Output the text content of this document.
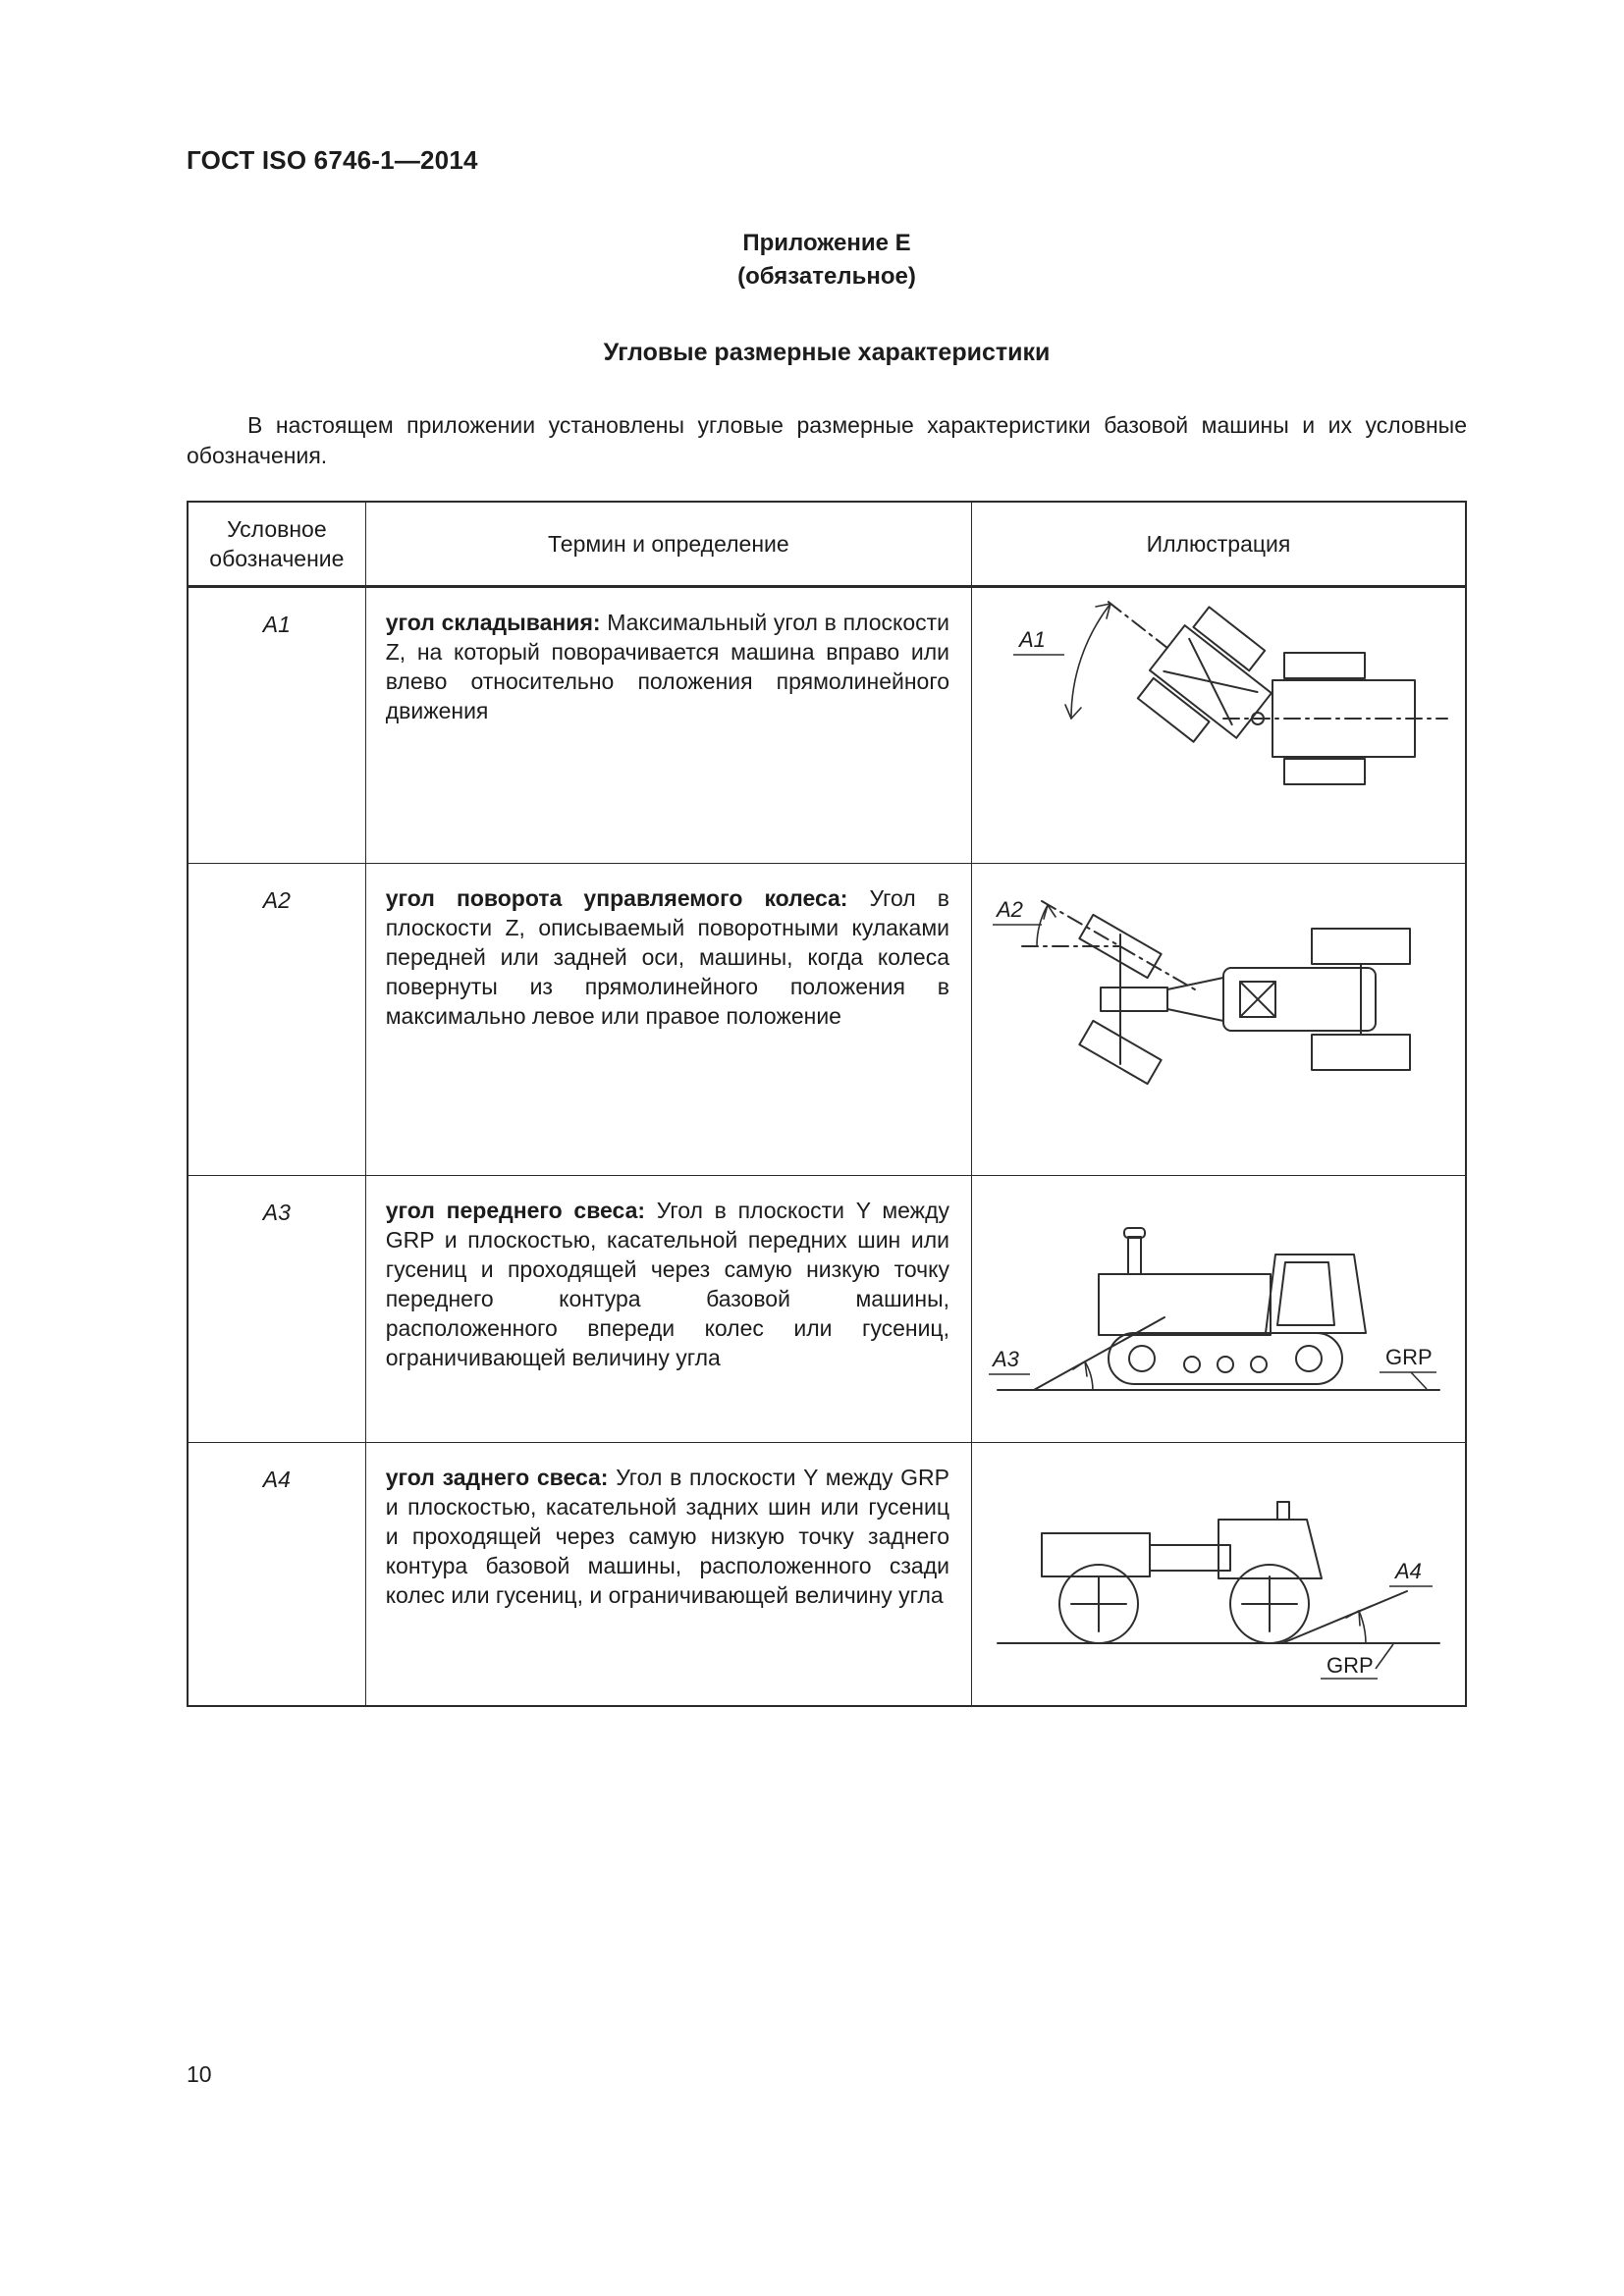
ГОСТ ISO 6746-1—2014
Приложение Е
(обязательное)
Угловые размерные характеристики

В настоящем приложении установлены угловые размерные характеристики базовой машины и их условные обозначения.

Условное обозначение	Термин и определение	Иллюстрация
A1	угол складывания: Максимальный угол в плоскости Z, на который поворачивается машина вправо или влево относительно положения прямолинейного движения	A1

A2	угол поворота управляемого колеса: Угол в плоскости Z, описываемый поворотными кулаками передней или задней оси, машины, когда колеса повернуты из прямолинейного положения в максимально левое или правое положение	A2

A3	угол переднего свеса: Угол в плоскости Y между GRP и плоскостью, касательной передних шин или гусениц и проходящей через самую низкую точку переднего контура базовой машины, расположенного впереди колес или гусениц, ограничивающей величину угла	A3 GRP

A4	угол заднего свеса: Угол в плоскости Y между GRP и плоскостью, касательной задних шин или гусениц и проходящей через самую низкую точку заднего контура базовой машины, расположенного сзади колес или гусениц, и ограничивающей величину угла	A4
GRP
10
